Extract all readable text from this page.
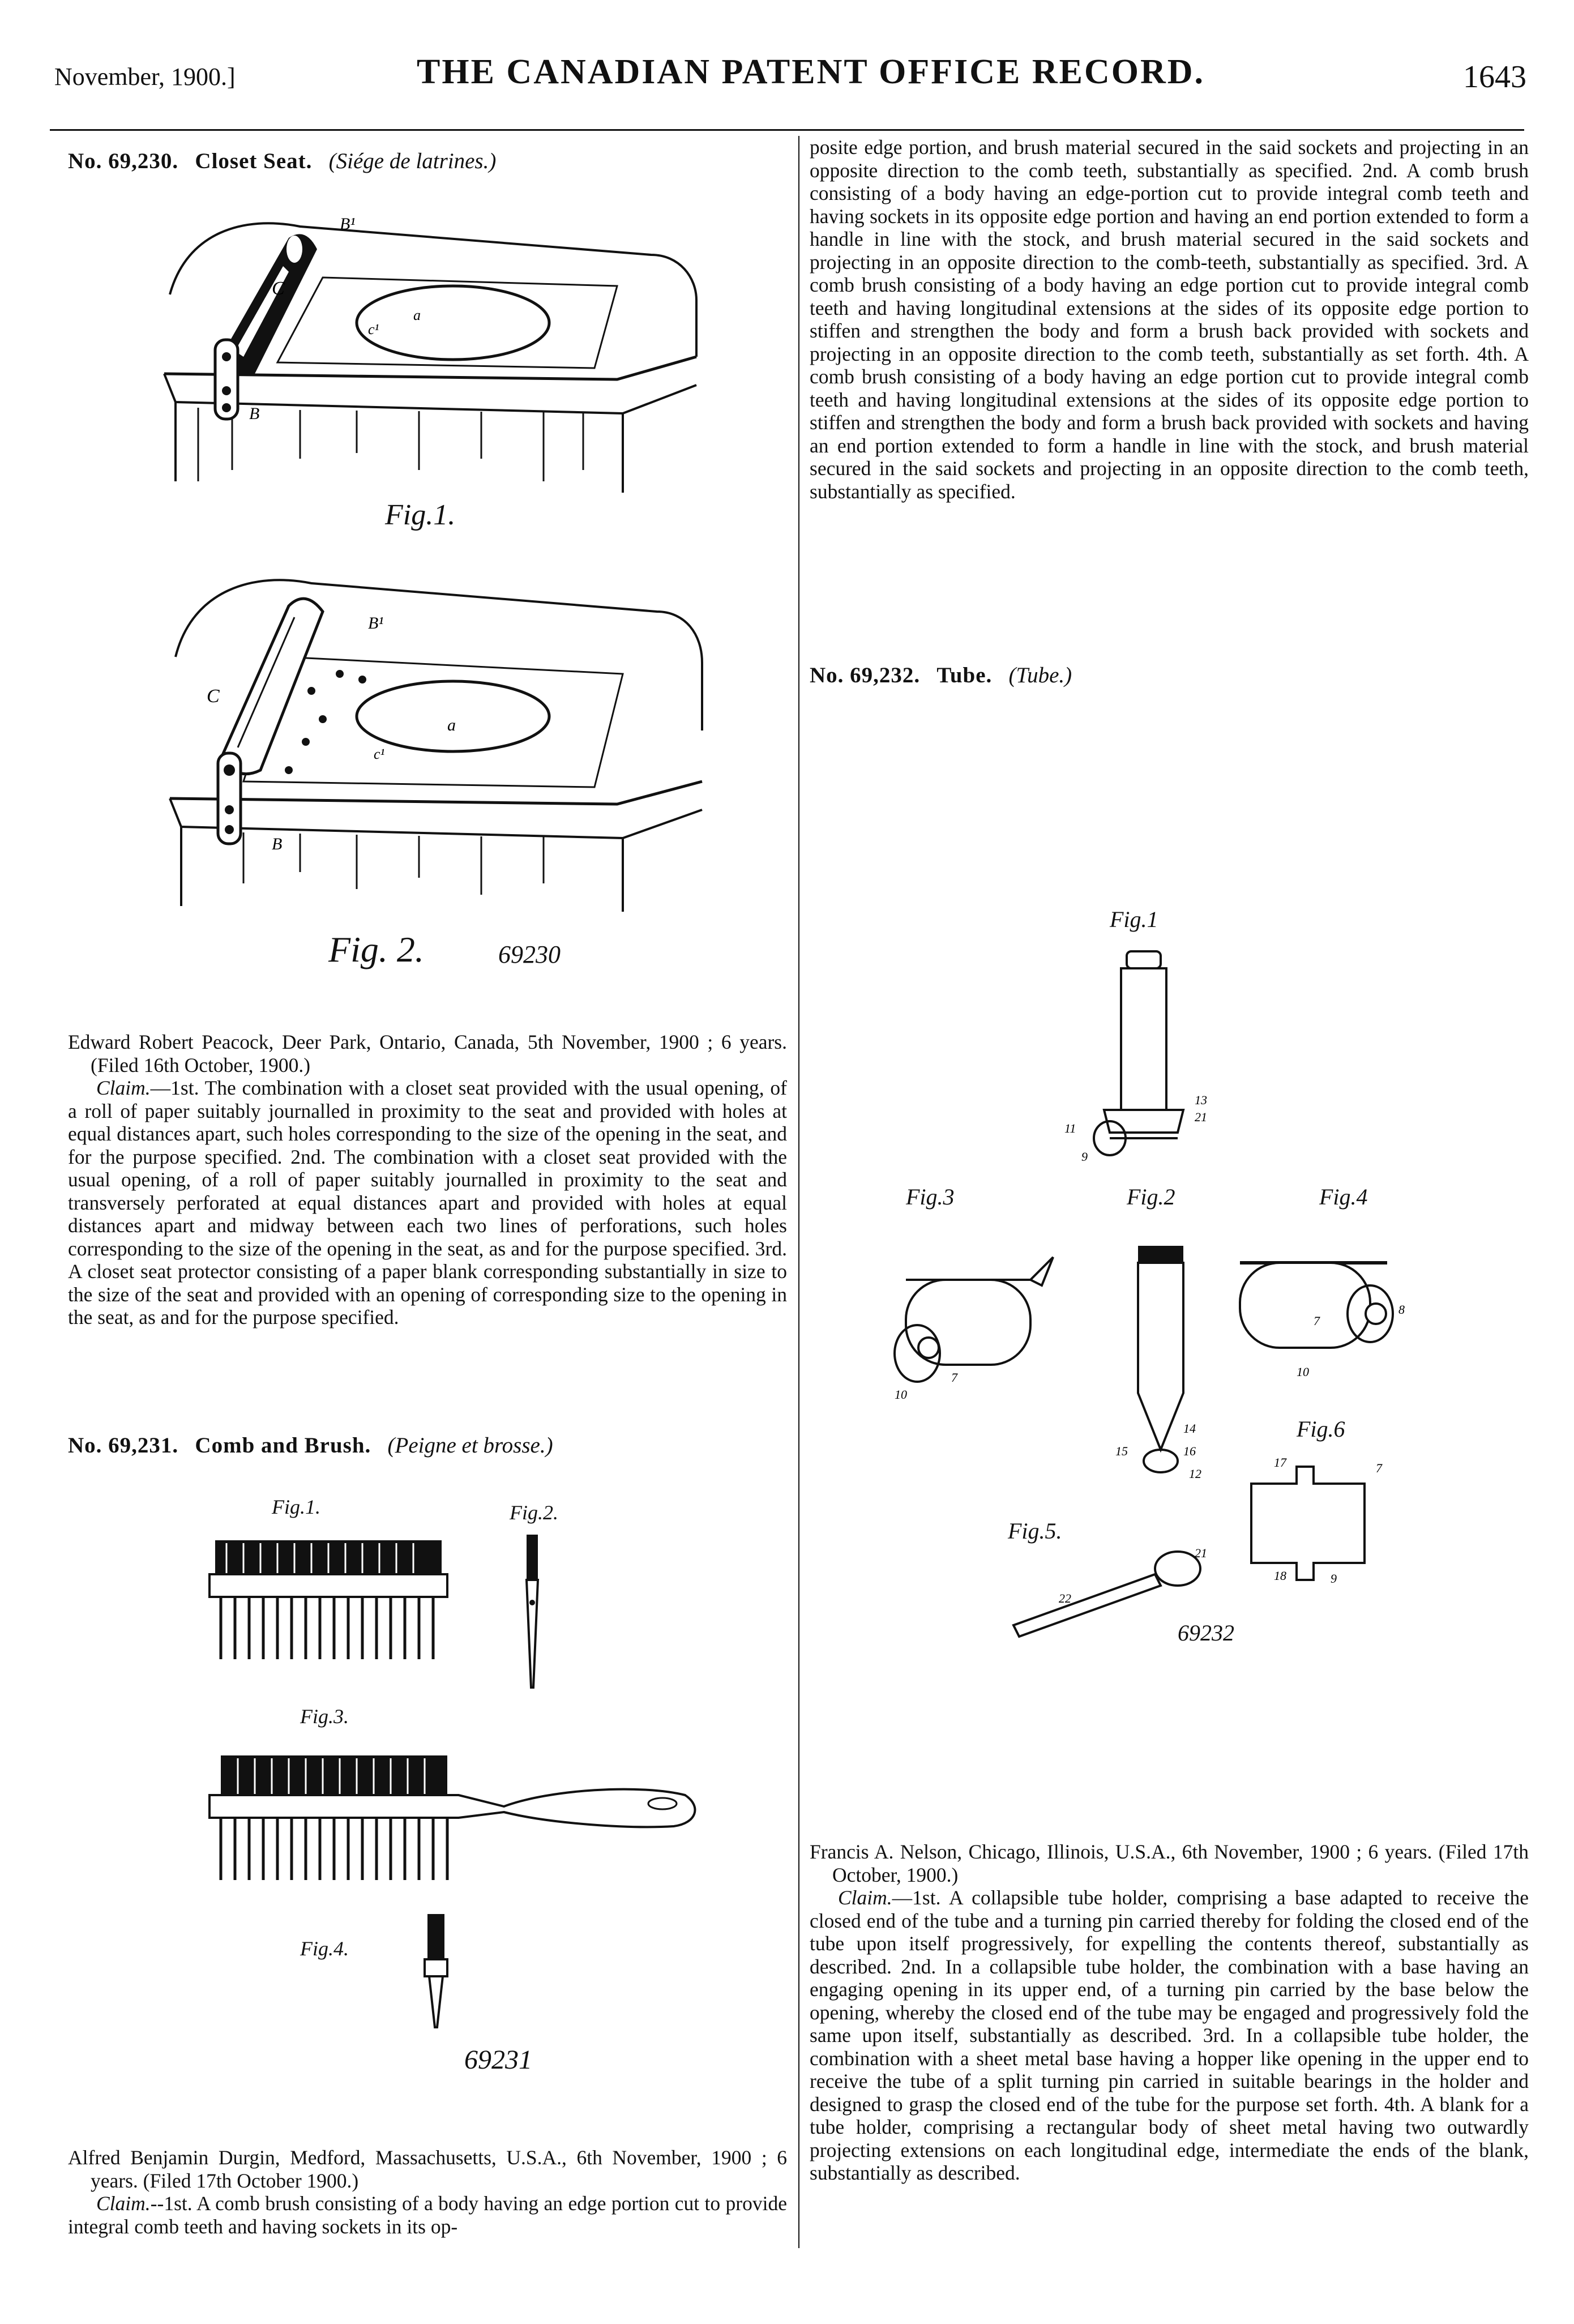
November, 1900.]	THE CANADIAN PATENT OFFICE RECORD.	1643
No. 69,230. Closet Seat. (Siége de latrines.)
C
B¹
a
c¹
B
Fig.1.
C
B¹
a
c¹
B
Fig. 2.	69230

Edward Robert Peacock, Deer Park, Ontario, Canada, 5th November, 1900 ; 6 years. (Filed 16th October, 1900.)

Claim.—1st. The combination with a closet seat provided with the usual opening, of a roll of paper suitably journalled in proximity to the seat and provided with holes at equal distances apart, such holes corresponding to the size of the opening in the seat, and for the purpose specified. 2nd. The combination with a closet seat provided with the usual opening, of a roll of paper suitably journalled in proximity to the seat and transversely perforated at equal distances apart and provided with holes at equal distances apart and midway between each two lines of perforations, such holes corresponding to the size of the opening in the seat, as and for the purpose specified. 3rd. A closet seat protector consisting of a paper blank corresponding substantially in size to the size of the seat and provided with an opening of corresponding size to the opening in the seat, as and for the purpose specified.

No. 69,231. Comb and Brush. (Peigne et brosse.)
Fig.1.	Fig.2.
Fig.3.
Fig.4.
69231

Alfred Benjamin Durgin, Medford, Massachusetts, U.S.A., 6th November, 1900 ; 6 years. (Filed 17th October 1900.)

Claim.--1st. A comb brush consisting of a body having an edge portion cut to provide integral comb teeth and having sockets in its op-

posite edge portion, and brush material secured in the said sockets and projecting in an opposite direction to the comb teeth, substantially as specified. 2nd. A comb brush consisting of a body having an edge-portion cut to provide integral comb teeth and having sockets in its opposite edge portion and having an end portion extended to form a handle in line with the stock, and brush material secured in the said sockets and projecting in an opposite direction to the comb-teeth, substantially as specified. 3rd. A comb brush consisting of a body having an edge portion cut to provide integral comb teeth and having longitudinal extensions at the sides of its opposite edge portion to stiffen and strengthen the body and form a brush back provided with sockets and projecting in an opposite direction to the comb teeth, substantially as set forth. 4th. A comb brush consisting of a body having an edge portion cut to provide integral comb teeth and having longitudinal extensions at the sides of its opposite edge portion to stiffen and strengthen the body and form a brush back provided with sockets and having an end portion extended to form a handle in line with the stock, and brush material secured in the said sockets and projecting in an opposite direction to the comb teeth, substantially as specified.

No. 69,232. Tube. (Tube.)
Fig.1
13
21
11
9
Fig.3	Fig.2	Fig.4
7
10
14
16
15
12
7
10
8
Fig.6
17	7
18	9
Fig.5.
22
21
69232

Francis A. Nelson, Chicago, Illinois, U.S.A., 6th November, 1900 ; 6 years. (Filed 17th October, 1900.)

Claim.—1st. A collapsible tube holder, comprising a base adapted to receive the closed end of the tube and a turning pin carried thereby for folding the closed end of the tube upon itself progressively, for expelling the contents thereof, substantially as described. 2nd. In a collapsible tube holder, the combination with a base having an engaging opening in its upper end, of a turning pin carried by the base below the opening, whereby the closed end of the tube may be engaged and progressively fold the same upon itself, substantially as described. 3rd. In a collapsible tube holder, the combination with a sheet metal base having a hopper like opening in the upper end to receive the tube of a split turning pin carried in suitable bearings in the holder and designed to grasp the closed end of the tube for the purpose set forth. 4th. A blank for a tube holder, comprising a rectangular body of sheet metal having two outwardly projecting extensions on each longitudinal edge, intermediate the ends of the blank, substantially as described.
